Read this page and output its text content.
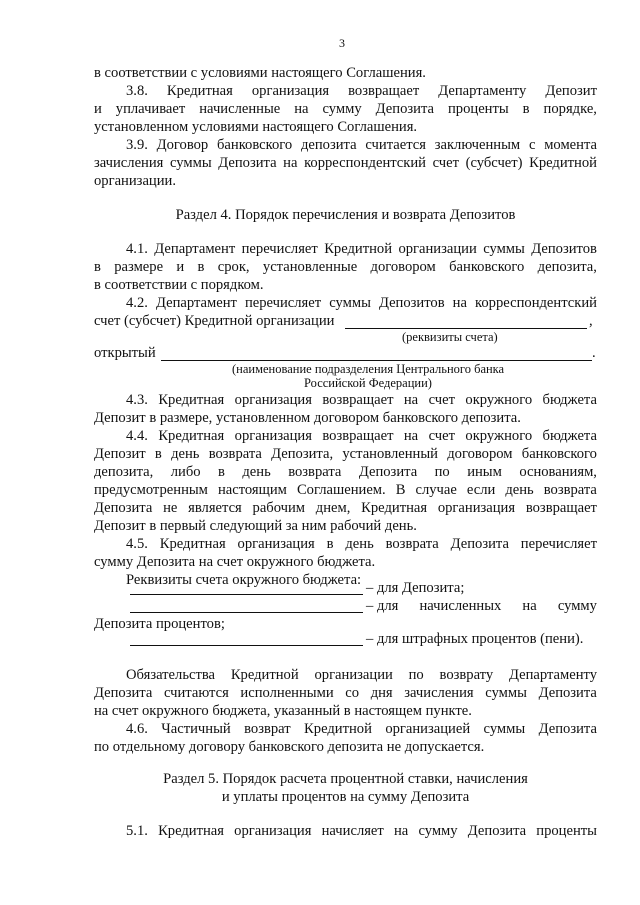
3
в соответствии с условиями настоящего Соглашения.
3.8. Кредитная организация возвращает Департаменту Депозит
и уплачивает начисленные на сумму Депозита проценты в порядке,
установленном условиями настоящего Соглашения.
3.9. Договор банковского депозита считается заключенным с момента
зачисления суммы Депозита на корреспондентский счет (субсчет) Кредитной
организации.
Раздел 4. Порядок перечисления и возврата Депозитов
4.1. Департамент перечисляет Кредитной организации суммы Депозитов
в размере и в срок, установленные договором банковского депозита,
в соответствии с порядком.
4.2. Департамент перечисляет суммы Депозитов на корреспондентский
счет (субсчет) Кредитной организации	,
(реквизиты счета)
открытый	.
(наименование подразделения Центрального банка
Российской Федерации)
4.3. Кредитная организация возвращает на счет окружного бюджета
Депозит в размере, установленном договором банковского депозита.
4.4. Кредитная организация возвращает на счет окружного бюджета
Депозит в день возврата Депозита, установленный договором банковского
депозита, либо в день возврата Депозита по иным основаниям,
предусмотренным настоящим Соглашением. В случае если день возврата
Депозита не является рабочим днем, Кредитная организация возвращает
Депозит в первый следующий за ним рабочий день.
4.5. Кредитная организация в день возврата Депозита перечисляет
сумму Депозита на счет окружного бюджета.
Реквизиты счета окружного бюджета: – для Депозита;
– для начисленных на сумму
Депозита процентов;
– для штрафных процентов (пени).
Обязательства Кредитной организации по возврату Департаменту
Депозита считаются исполненными со дня зачисления суммы Депозита
на счет окружного бюджета, указанный в настоящем пункте.
4.6. Частичный возврат Кредитной организацией суммы Депозита
по отдельному договору банковского депозита не допускается.
Раздел 5. Порядок расчета процентной ставки, начисления
и уплаты процентов на сумму Депозита
5.1. Кредитная организация начисляет на сумму Депозита проценты
